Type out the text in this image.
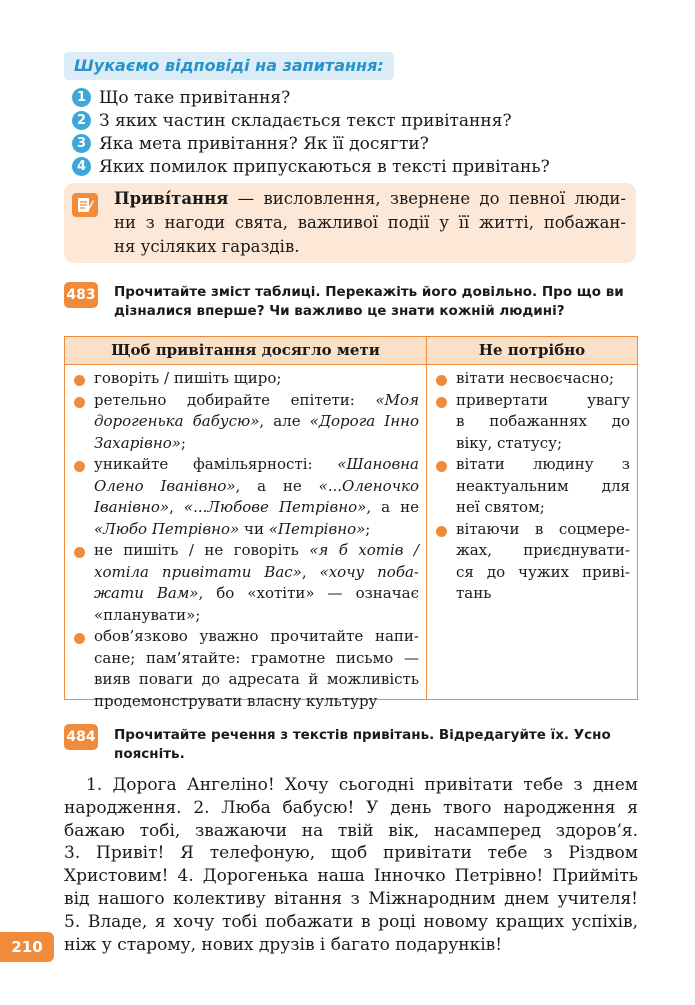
Шукаємо відповіді на запитання:
1 Що таке привітання?
2 З яких частин складається текст привітання?
3 Яка мета привітання? Як її досягти?
4 Яких помилок припускаються в тексті привітань?
Приві́тання — висловлення, звернене до певної люди-
ни з нагоди свята, важливої події у її житті, побажан-
ня усіляких гараздів.
483 Прочитайте зміст таблиці. Перекажіть його довільно. Про що ви
дізналися вперше? Чи важливо це знати кожній людині?
Щоб привітання досягло мети	Не потрібно
говоріть / пишіть щиро;
ретельно добирайте епітети: «Моя
дорогенька бабусю», але «Дорога Інно
Захарівно»;
уникайте фамільярності: «Шановна
Олено Іванівно», а не «...Оленочко
Іванівно», «...Любове Петрівно», а не
«Любо Петрівно» чи «Петрівно»;
не пишіть / не говоріть «я б хотів /
хотіла привітати Вас», «хочу поба-
жати Вам», бо «хотіти» — означає
«планувати»;
обов’язково уважно прочитайте напи-
сане; пам’ятайте: грамотне письмо —
вияв поваги до адресата й можливість
продемонструвати власну культуру
вітати несвоєчасно;
привертати увагу
в побажаннях до
віку, статусу;
вітати людину з
неактуальним для
неї святом;
вітаючи в соцмере-
жах, приєднувати-
ся до чужих приві-
тань
484 Прочитайте речення з текстів привітань. Відредагуйте їх. Усно
поясніть.
1. Дорога Ангеліно! Хочу сьогодні привітати тебе з днем
народження. 2. Люба бабусю! У день твого народження я
бажаю тобі, зважаючи на твій вік, насамперед здоров’я.
3. Привіт! Я телефоную, щоб привітати тебе з Різдвом
Христовим! 4. Дорогенька наша Інночко Петрівно! Прийміть
від нашого колективу вітання з Міжнародним днем учителя!
5. Владе, я хочу тобі побажати в році новому кращих успіхів,
ніж у старому, нових друзів і багато подарунків!
210
